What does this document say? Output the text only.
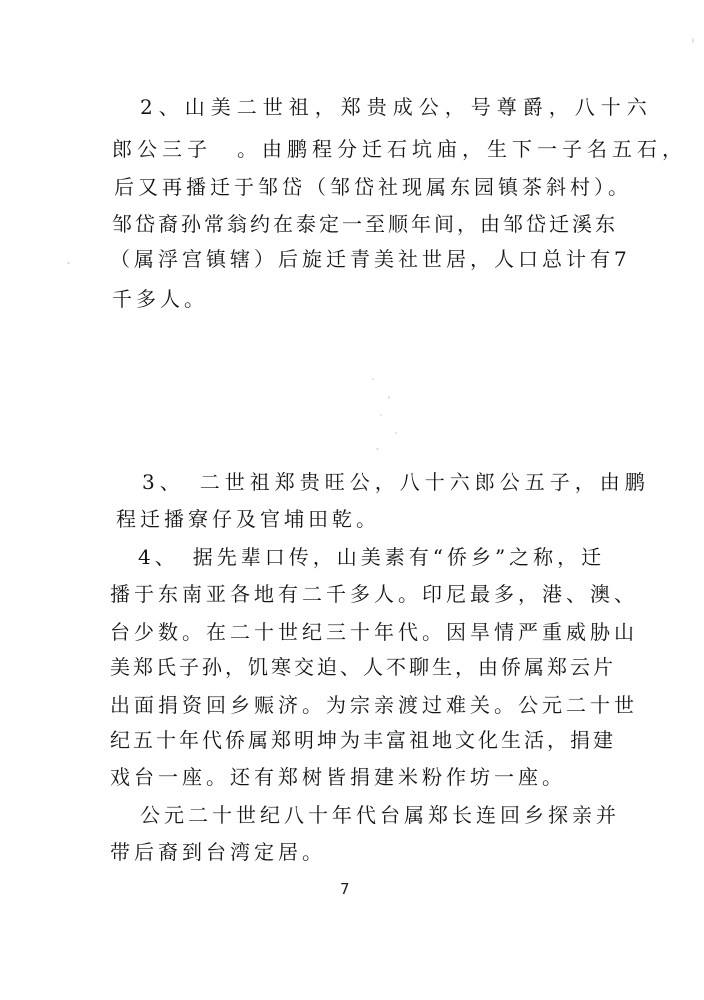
2、山美二世祖，郑贵成公，号尊爵，八十六
郎公三子　。由鹏程分迁石坑庙，生下一子名五石，
后又再播迁于邹岱（邹岱社现属东园镇茶斜村）。
邹岱裔孙常翁约在泰定一至顺年间，由邹岱迁溪东
（属浮宫镇辖）后旋迁青美社世居，人口总计有7
千多人。
3、　二世祖郑贵旺公，八十六郎公五子，由鹏
程迁播寮仔及官埔田乾。
4、　据先辈口传，山美素有“侨乡”之称，迁
播于东南亚各地有二千多人。印尼最多，港、澳、
台少数。在二十世纪三十年代。因旱情严重威胁山
美郑氏子孙，饥寒交迫、人不聊生，由侨属郑云片
出面捐资回乡赈济。为宗亲渡过难关。公元二十世
纪五十年代侨属郑明坤为丰富祖地文化生活，捐建
戏台一座。还有郑树皆捐建米粉作坊一座。
公元二十世纪八十年代台属郑长连回乡探亲并
带后裔到台湾定居。
7
